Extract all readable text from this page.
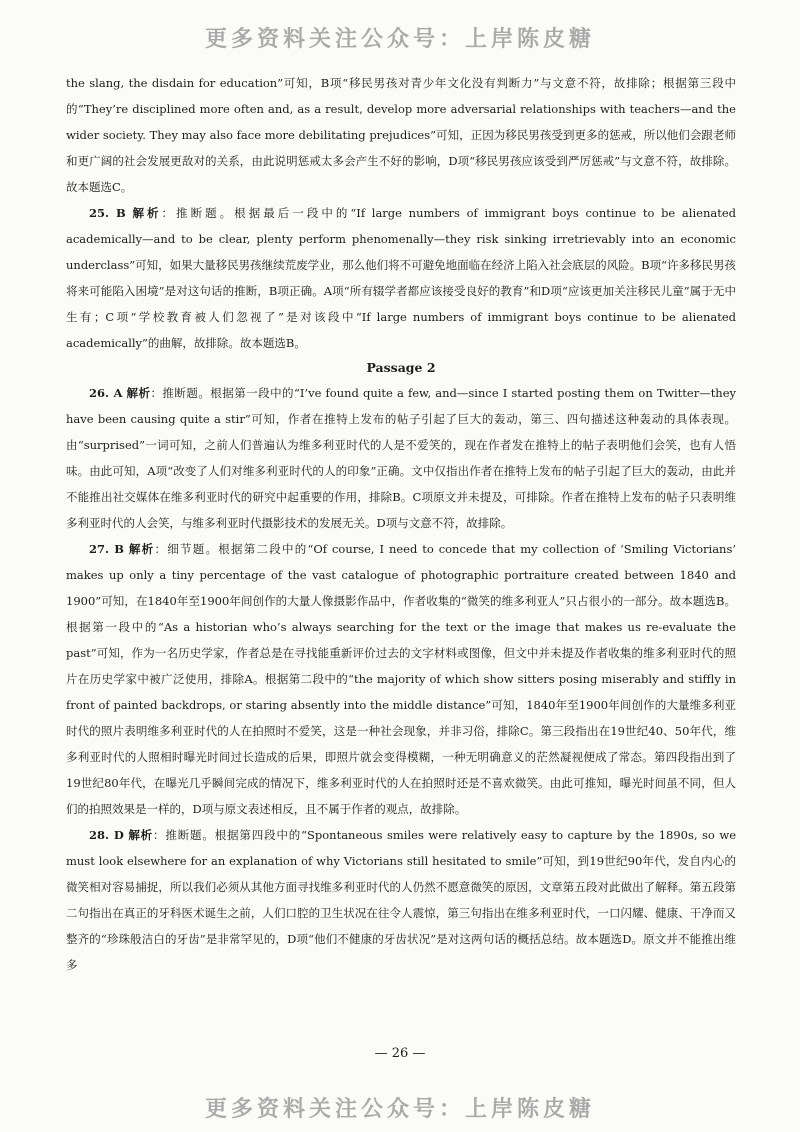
更多资料关注公众号：上岸陈皮糖

the slang, the disdain for education”可知，B项“移民男孩对青少年文化没有判断力”与文意不符，故排除；根据第三段中的“They’re disciplined more often and, as a result, develop more adversarial relationships with teachers—and the wider society. They may also face more debilitating prejudices”可知，正因为移民男孩受到更多的惩戒，所以他们会跟老师和更广阔的社会发展更敌对的关系，由此说明惩戒太多会产生不好的影响，D项“移民男孩应该受到严厉惩戒”与文意不符，故排除。故本题选C。

25. B 解析：推断题。根据最后一段中的“If large numbers of immigrant boys continue to be alienated academically—and to be clear, plenty perform phenomenally—they risk sinking irretrievably into an economic underclass”可知，如果大量移民男孩继续荒废学业，那么他们将不可避免地面临在经济上陷入社会底层的风险。B项“许多移民男孩将来可能陷入困境”是对这句话的推断，B项正确。A项“所有辍学者都应该接受良好的教育”和D项“应该更加关注移民儿童”属于无中生有；C项“学校教育被人们忽视了”是对该段中“If large numbers of immigrant boys continue to be alienated academically”的曲解，故排除。故本题选B。

Passage 2

26. A 解析：推断题。根据第一段中的“I’ve found quite a few, and—since I started posting them on Twitter—they have been causing quite a stir”可知，作者在推特上发布的帖子引起了巨大的轰动，第三、四句描述这种轰动的具体表现。由“surprised”一词可知，之前人们普遍认为维多利亚时代的人是不爱笑的，现在作者发在推特上的帖子表明他们会笑，也有人悟味。由此可知，A项“改变了人们对维多利亚时代的人的印象”正确。文中仅指出作者在推特上发布的帖子引起了巨大的轰动，由此并不能推出社交媒体在维多利亚时代的研究中起重要的作用，排除B。C项原文并未提及，可排除。作者在推特上发布的帖子只表明维多利亚时代的人会笑，与维多利亚时代摄影技术的发展无关。D项与文意不符，故排除。

27. B 解析：细节题。根据第二段中的“Of course, I need to concede that my collection of ‘Smiling Victorians’ makes up only a tiny percentage of the vast catalogue of photographic portraiture created between 1840 and 1900”可知，在1840年至1900年间创作的大量人像摄影作品中，作者收集的“微笑的维多利亚人”只占很小的一部分。故本题选B。根据第一段中的“As a historian who’s always searching for the text or the image that makes us re-evaluate the past”可知，作为一名历史学家，作者总是在寻找能重新评价过去的文字材料或图像，但文中并未提及作者收集的维多利亚时代的照片在历史学家中被广泛使用，排除A。根据第二段中的“the majority of which show sitters posing miserably and stiffly in front of painted backdrops, or staring absently into the middle distance”可知，1840年至1900年间创作的大量维多利亚时代的照片表明维多利亚时代的人在拍照时不爱笑，这是一种社会现象，并非习俗，排除C。第三段指出在19世纪40、50年代，维多利亚时代的人照相时曝光时间过长造成的后果，即照片就会变得模糊，一种无明确意义的茫然凝视便成了常态。第四段指出到了19世纪80年代，在曝光几乎瞬间完成的情况下，维多利亚时代的人在拍照时还是不喜欢微笑。由此可推知，曝光时间虽不同，但人们的拍照效果是一样的，D项与原文表述相反，且不属于作者的观点，故排除。

28. D 解析：推断题。根据第四段中的“Spontaneous smiles were relatively easy to capture by the 1890s, so we must look elsewhere for an explanation of why Victorians still hesitated to smile”可知，到19世纪90年代，发自内心的微笑相对容易捕捉，所以我们必须从其他方面寻找维多利亚时代的人仍然不愿意微笑的原因，文章第五段对此做出了解释。第五段第二句指出在真正的牙科医术诞生之前，人们口腔的卫生状况在往令人震惊，第三句指出在维多利亚时代，一口闪耀、健康、干净而又整齐的“珍珠般洁白的牙齿”是非常罕见的，D项“他们不健康的牙齿状况”是对这两句话的概括总结。故本题选D。原文并不能推出维多

— 26 —
更多资料关注公众号：上岸陈皮糖
